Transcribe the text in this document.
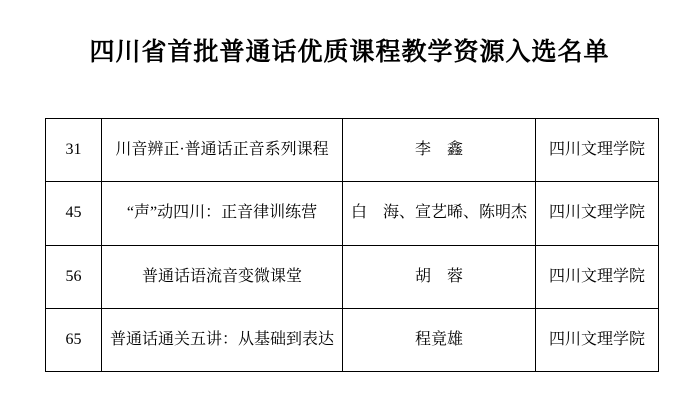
四川省首批普通话优质课程教学资源入选名单
31	川音辨正·普通话正音系列课程	李　鑫	四川文理学院
45	“声”动四川：正音律训练营	白　海、宣艺晞、陈明杰	四川文理学院
56	普通话语流音变微课堂	胡　蓉	四川文理学院
65	普通话通关五讲：从基础到表达	程竟雄	四川文理学院
